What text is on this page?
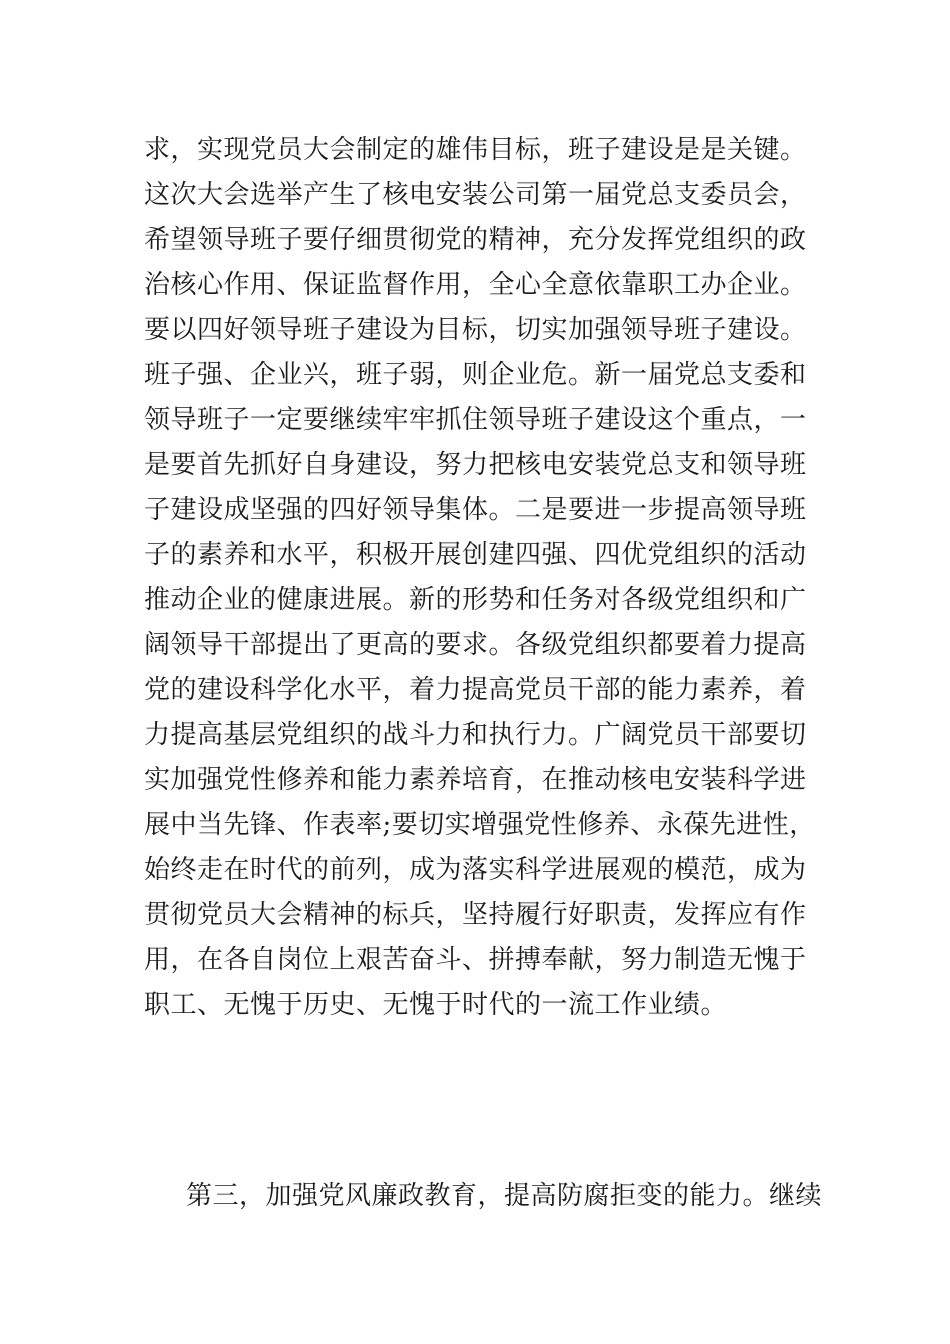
求，实现党员大会制定的雄伟目标，班子建设是是关键。
这次大会选举产生了核电安装公司第一届党总支委员会，
希望领导班子要仔细贯彻党的精神，充分发挥党组织的政
治核心作用、保证监督作用，全心全意依靠职工办企业。
要以四好领导班子建设为目标，切实加强领导班子建设。
班子强、企业兴，班子弱，则企业危。新一届党总支委和
领导班子一定要继续牢牢抓住领导班子建设这个重点，一
是要首先抓好自身建设，努力把核电安装党总支和领导班
子建设成坚强的四好领导集体。二是要进一步提高领导班
子的素养和水平，积极开展创建四强、四优党组织的活动
推动企业的健康进展。新的形势和任务对各级党组织和广
阔领导干部提出了更高的要求。各级党组织都要着力提高
党的建设科学化水平，着力提高党员干部的能力素养，着
力提高基层党组织的战斗力和执行力。广阔党员干部要切
实加强党性修养和能力素养培育，在推动核电安装科学进
展中当先锋、作表率;要切实增强党性修养、永葆先进性，
始终走在时代的前列，成为落实科学进展观的模范，成为
贯彻党员大会精神的标兵，坚持履行好职责，发挥应有作
用，在各自岗位上艰苦奋斗、拼搏奉献，努力制造无愧于
职工、无愧于历史、无愧于时代的一流工作业绩。
第三，加强党风廉政教育，提高防腐拒变的能力。继续
